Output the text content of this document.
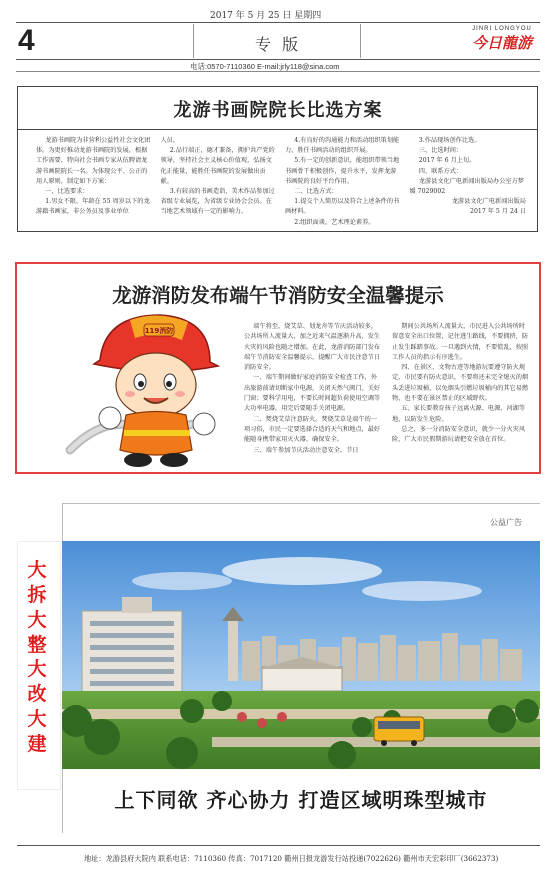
2017 年 5 月 25 日 星期四
4	专 版
JINRI LONGYOU
今日龍游
电话:0570-7110360 E-mail:jrly118@sina.com
龙游书画院院长比选方案

龙游书画院为非营利公益性社会文化团体。为更好推动龙游书画院的发展，根据工作需要，特向社会书画专家从伍聘请龙游书画院院长一名。为体现公平、公正的用人原则，制定如下方案：

一、比选要求：

1.男女不限，年龄在 55 周岁以下的龙游籍书画家，非公务员及事业单位

人员。

2.品行端正，德才兼备，拥护共产党的领导，坚持社会主义核心价值观，弘扬文化正能量，能胜任书画院的发展做出贡献。

3.有较高的书画造诣，美术作品参加过省级专业展览，为省级专业协会会员。在当地艺术领域有一定的影响力。

4.有良好的沟通能力和活动组织策划能力，胜任书画活动的组织开展。

5.有一定的创新意识，能组织带领当地书画骨干积极创作，提升水平，发挥龙游书画院的良好平台作用。

二、比选方式：

1.提交个人简历以及符合上述条件的书画材料。

2.组织面谈，艺术理论素养。

3.作品现场创作比选。

三、比选时间：

2017 年 6 月上旬。

四、联系方式：

龙游县文化广电新闻出版局办公室方梦媛 7029002

龙游县文化广电新闻出版局

2017 年 5 月 24 日

龙游消防发布端午节消防安全温馨提示
119消防

端午将至，烧艾草、划龙舟等节庆活动较多，公共场所人流量大，加之近来气温逐渐升高，发生火灾的风险也随之增加。在此，龙游消防部门发布端午节消防安全温馨提示，提醒广大市民注意节日消防安全。

一、端午期间做好家庭消防安全检查工作，外出旅游前请切断家中电源，关闭天然气阀门、关好门窗；要科学用电，不要长时间超负荷使用空调等大功率电器，用完后要随手关闭电源。

二、焚烧艾草注意防火。焚烧艾草是端午的一项习俗，市民一定要选择合适的天气和地点，最好能随身携带家用灭火器，确保安全。

三、端午参加节庆活动注意安全。节日

期间公共场所人流量大，市民进入公共场所时留意安全出口位置，记住逃生路线，不要拥挤，防止发生踩踏事故。一旦遇到火情，不要慌乱，按照工作人员的指示有序逃生。

四、在景区、文物古迹等地游玩要遵守防火规定，市民要有防火意识，不要将还未完全熄灭的烟头丢进垃圾桶，以免烟头引燃垃圾桶内的其它易燃物，也不要在景区禁止的区域野炊。

五、家长要教育孩子远离火源、电源、河湖等地，以防发生危险。

总之，多一分消防安全意识，就少一分火灾风险，广大市民假期游玩请把安全放在首位。

公益广告
大拆大整
大改大建
上下同欲 齐心协力 打造区域明珠型城市
地址：龙游县府大院内 联系电话：7110360 传真：7017120 衢州日报龙游发行站投递(7022626) 衢州市天宏彩印厂(3662373)
